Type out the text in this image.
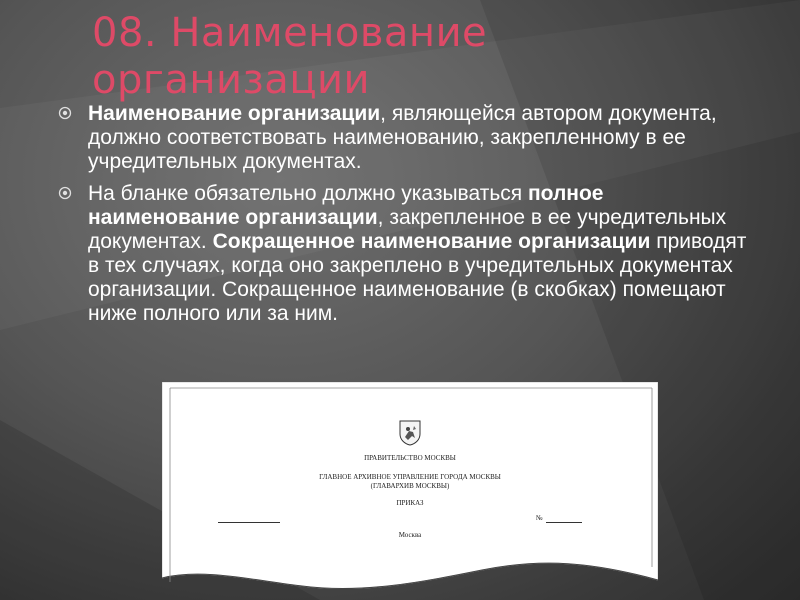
08. Наименование организации
Наименование организации, являющейся автором документа, должно соответствовать наименованию, закрепленному в ее учредительных документах.
На бланке обязательно должно указываться полное наименование организации, закрепленное в ее учредительных документах. Сокращенное наименование организации приводят в тех случаях, когда оно закреплено в учредительных документах организации. Сокращенное наименование (в скобках) помещают ниже полного или за ним.
ПРАВИТЕЛЬСТВО МОСКВЫ
ГЛАВНОЕ АРХИВНОЕ УПРАВЛЕНИЕ ГОРОДА МОСКВЫ
(ГЛАВАРХИВ МОСКВЫ)
ПРИКАЗ
№
Москва
